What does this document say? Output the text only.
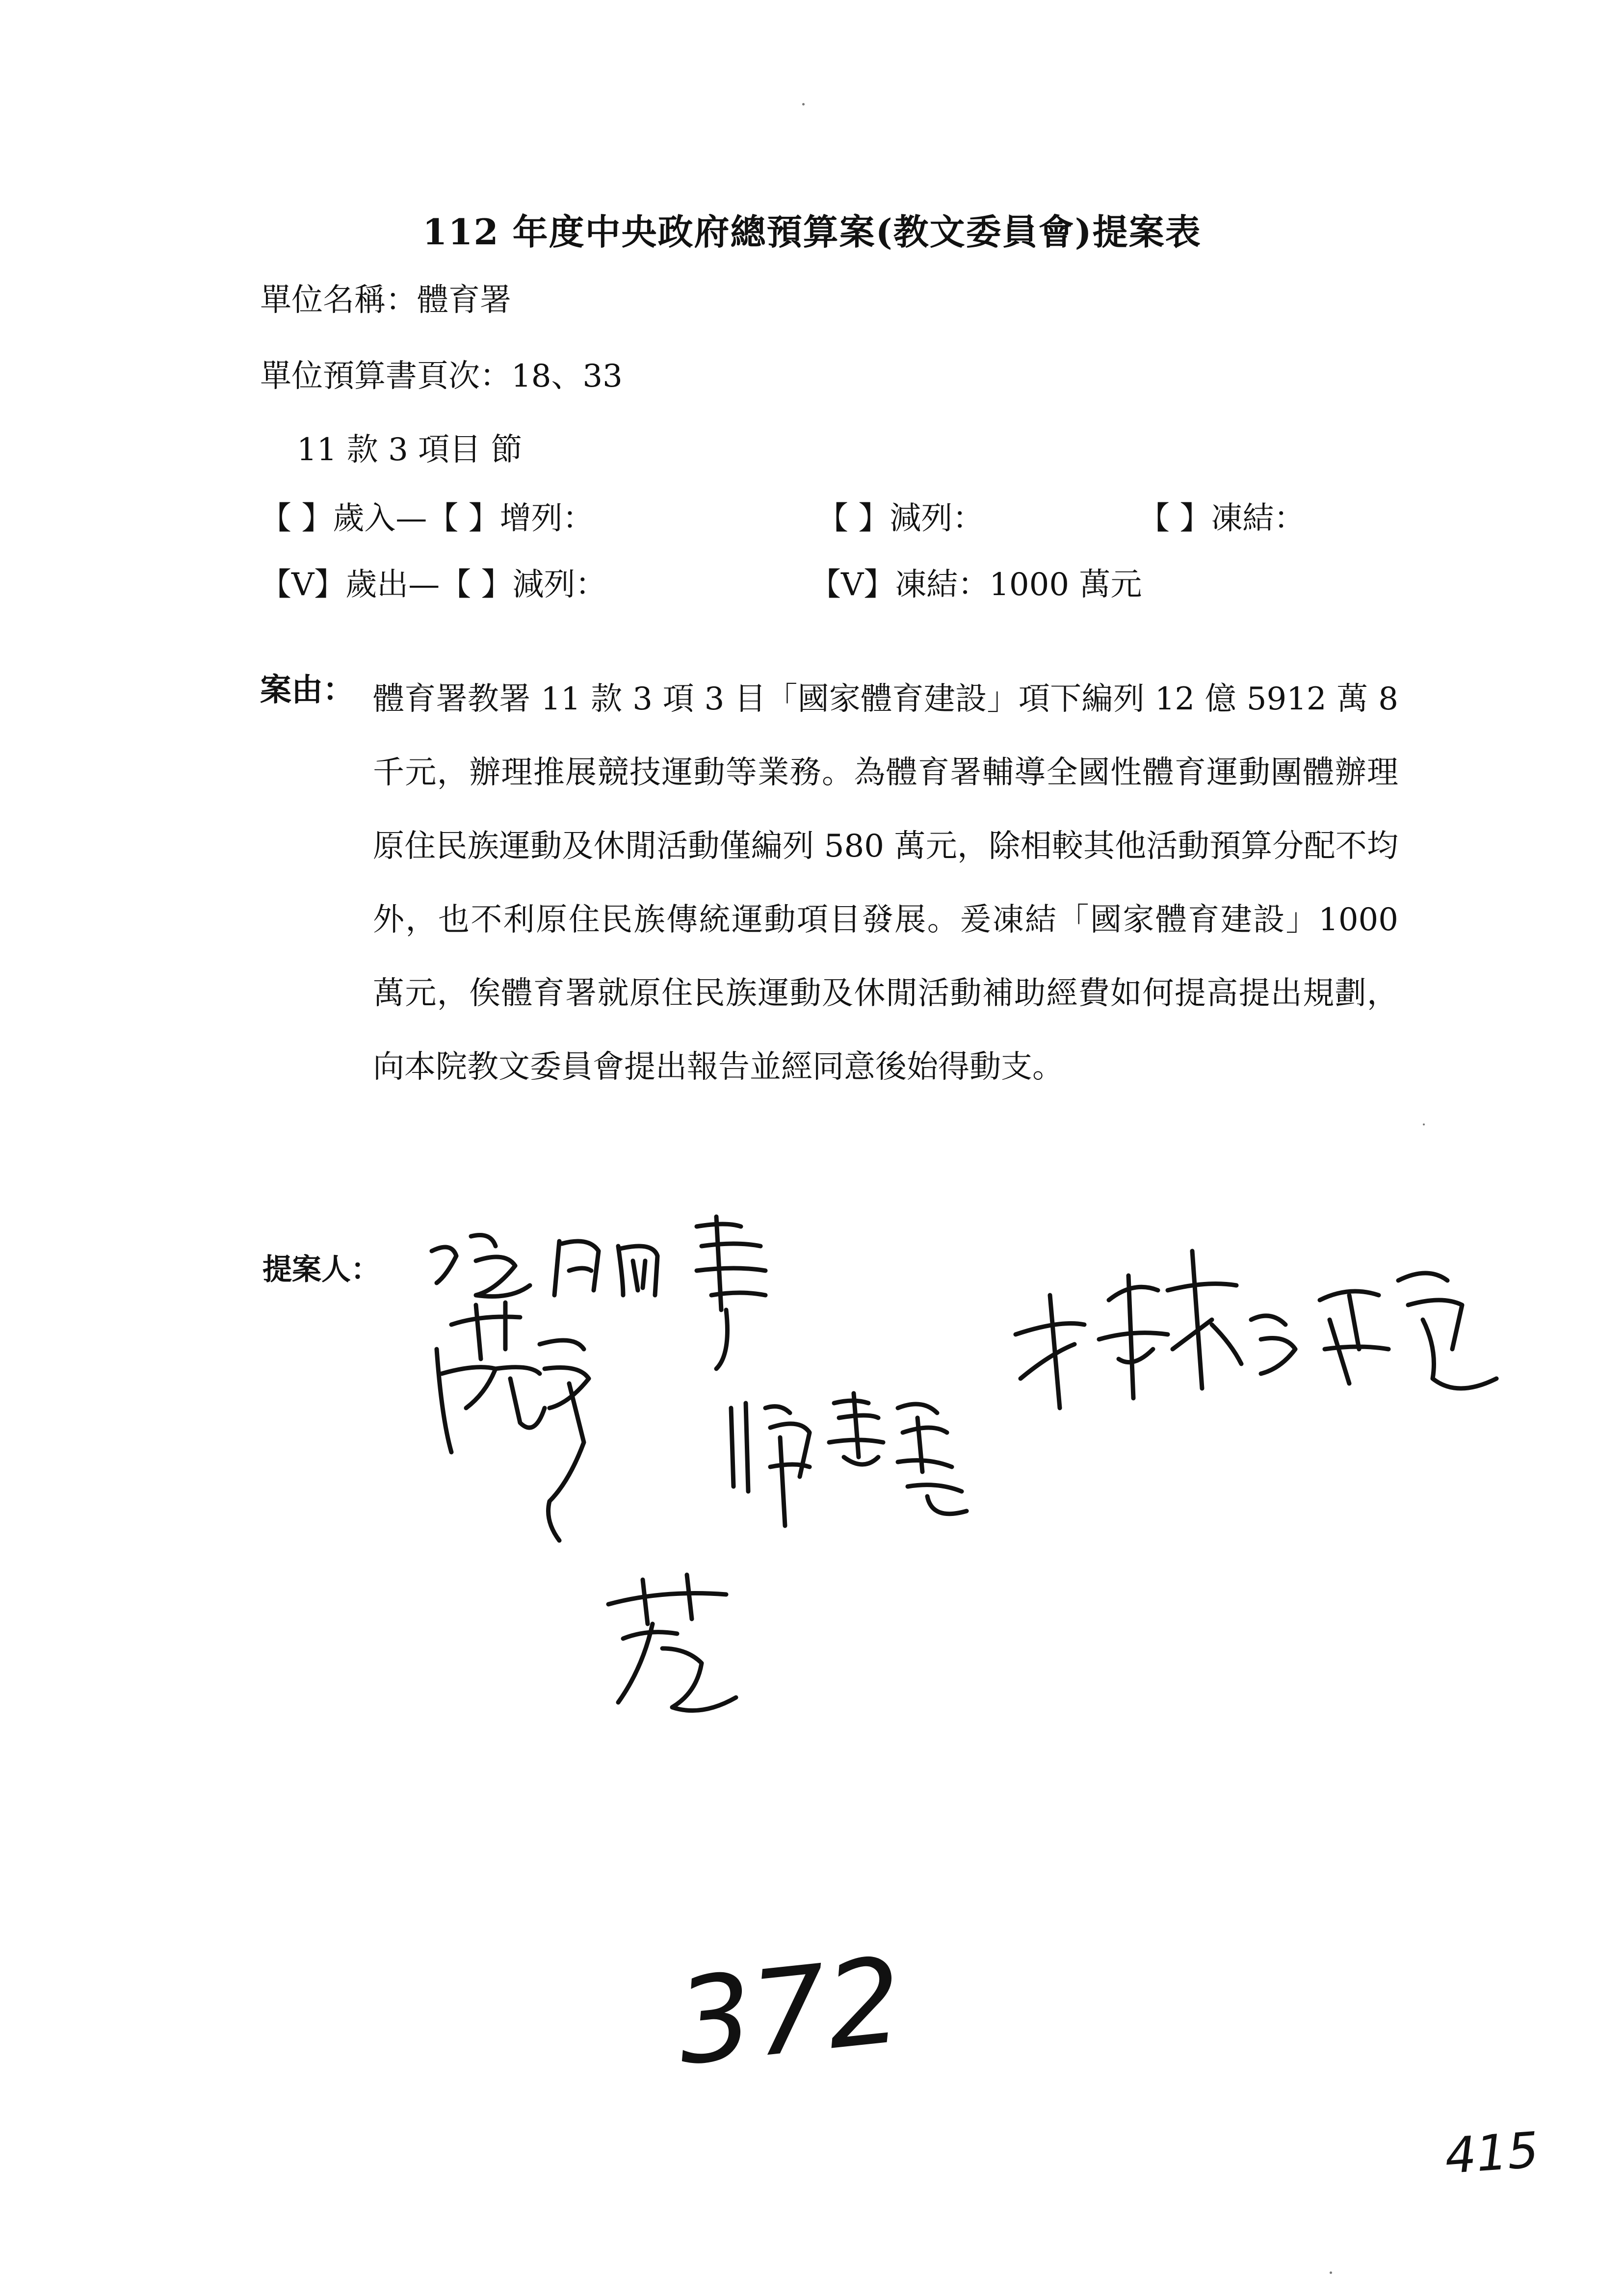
112 年度中央政府總預算案(教文委員會)提案表
單位名稱：體育署
單位預算書頁次：18、33
11 款 3 項目 節
【 】歲入—【 】增列：	【 】減列：	【 】凍結：
【V】歲出—【 】減列：	【V】凍結：1000 萬元
案由： 體育署教署 11 款 3 項 3 目「國家體育建設」項下編列 12 億 5912 萬 8 千元，辦理推展競技運動等業務。為體育署輔導全國性體育運動團體辦理原住民族運動及休閒活動僅編列 580 萬元，除相較其他活動預算分配不均外，也不利原住民族傳統運動項目發展。爰凍結「國家體育建設」1000 萬元，俟體育署就原住民族運動及休閒活動補助經費如何提高提出規劃，向本院教文委員會提出報告並經同意後始得動支。
提案人：
372
415
